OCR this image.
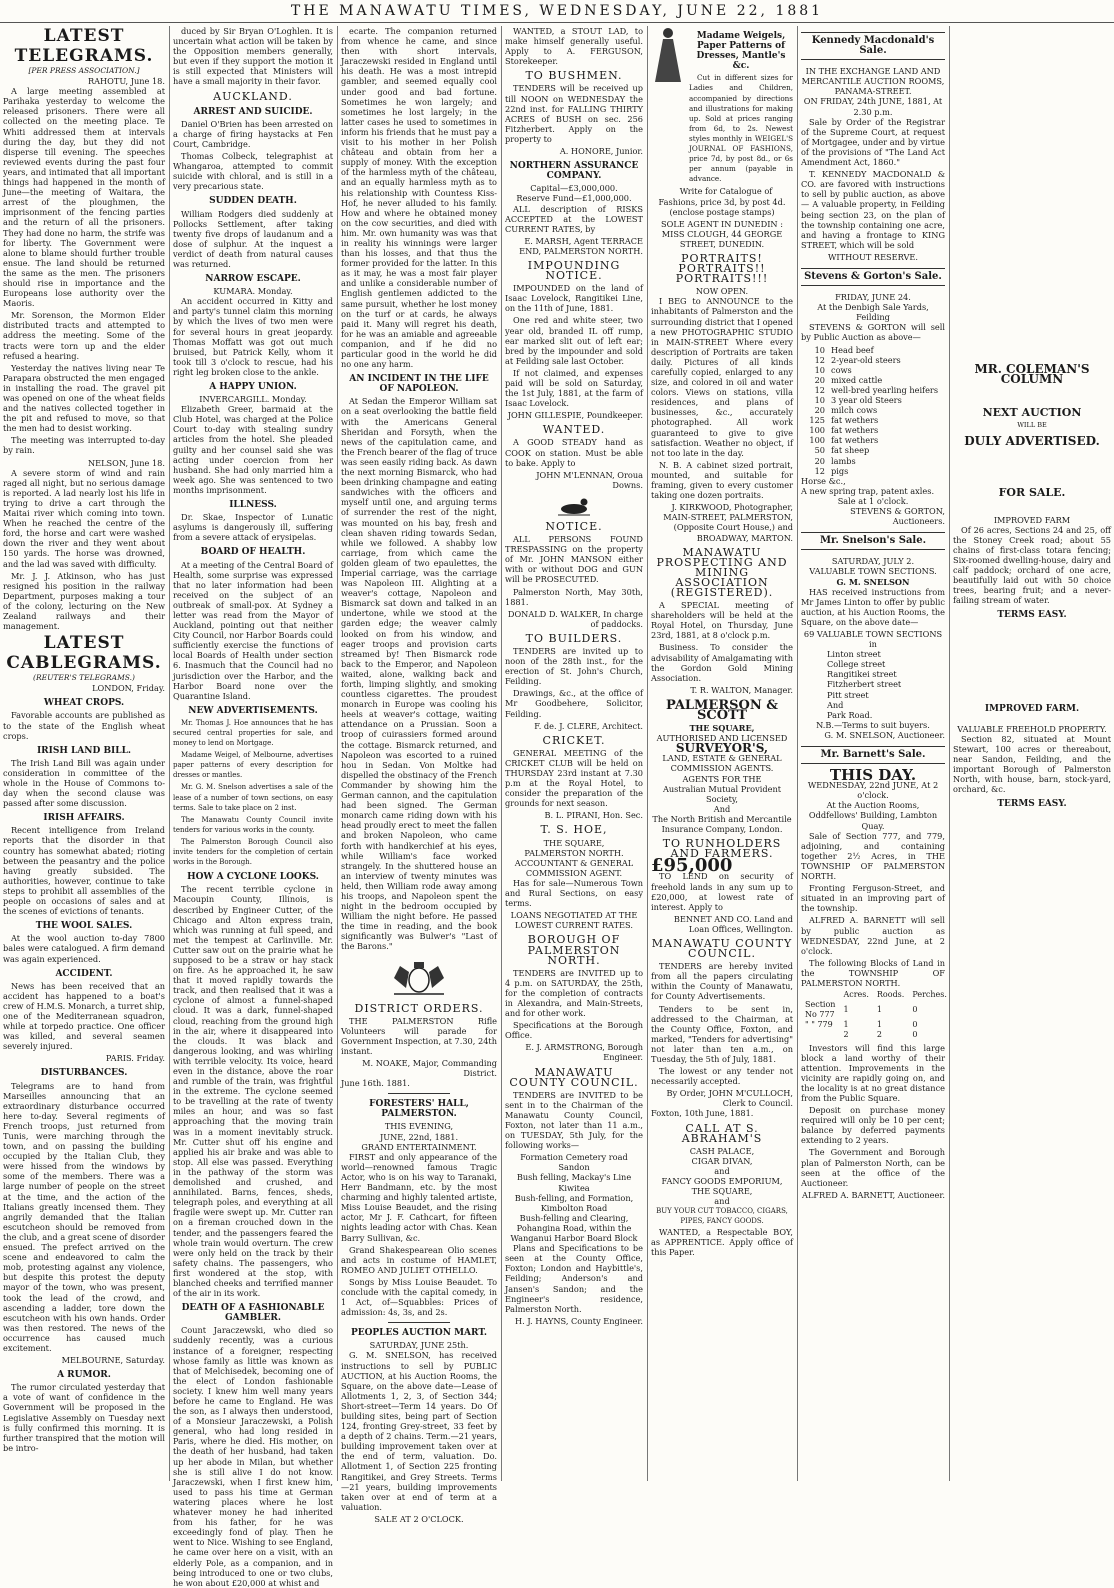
THE MANAWATU TIMES, WEDNESDAY, JUNE 22, 1881
LATEST TELEGRAMS.
[PER PRESS ASSOCIATION.]
RAHOTU, June 18.

A large meeting assembled at Parihaka yesterday to welcome the released prisoners. There were all collected on the meeting place. Te Whiti addressed them at intervals during the day, but they did not disperse till evening. The speeches reviewed events during the past four years, and intimated that all important things had happened in the month of June—the meeting of Waitara, the arrest of the ploughmen, the imprisonment of the fencing parties and the return of all the prisoners. They had done no harm, the strife was for liberty. The Government were alone to blame should further trouble ensue. The land should be returned the same as the men. The prisoners should rise in importance and the Europeans lose authority over the Maoris.

Mr. Sorenson, the Mormon Elder distributed tracts and attempted to address the meeting. Some of the tracts were torn up and the elder refused a hearing.

Yesterday the natives living near Te Parapara obstructed the men engaged in installing the road. The gravel pit was opened on one of the wheat fields and the natives collected together in the pit and refused to move, so that the men had to desist working.

The meeting was interrupted to-day by rain.

NELSON, June 18.

A severe storm of wind and rain raged all night, but no serious damage is reported. A lad nearly lost his life in trying to drive a cart through the Maitai river which coming into town. When he reached the centre of the ford, the horse and cart were washed down the river and they went about 150 yards. The horse was drowned, and the lad was saved with difficulty.

Mr. J. J. Atkinson, who has just resigned his position in the railway Department, purposes making a tour of the colony, lecturing on the New Zealand railways and their management.

LATEST CABLEGRAMS.
(REUTER'S TELEGRAMS.)
LONDON, Friday.
WHEAT CROPS.

Favorable accounts are published as to the state of the English wheat crops.

IRISH LAND BILL.

The Irish Land Bill was again under consideration in committee of the whole in the House of Commons to-day when the second clause was passed after some discussion.

IRISH AFFAIRS.

Recent intelligence from Ireland reports that the disorder in that country has somewhat abated; rioting between the peasantry and the police having greatly subsided. The authorities, however, continue to take steps to prohibit all assemblies of the people on occasions of sales and at the scenes of evictions of tenants.

THE WOOL SALES.

At the wool auction to-day 7800 bales were catalogued. A firm demand was again experienced.

ACCIDENT.

News has been received that an accident has happened to a boat's crew of H.M.S. Monarch, a turret ship, one of the Mediterranean squadron, while at torpedo practice. One officer was killed, and several seamen severely injured.

PARIS. Friday.
DISTURBANCES.

Telegrams are to hand from Marseilles announcing that an extraordinary disturbance occurred here to-day. Several regiments of French troops, just returned from Tunis, were marching through the town, and on passing the building occupied by the Italian Club, they were hissed from the windows by some of the members. There was a large number of people on the street at the time, and the action of the Italians greatly incensed them. They angrily demanded that the Italian escutcheon should be removed from the club, and a great scene of disorder ensued. The prefect arrived on the scene and endeavored to calm the mob, protesting against any violence, but despite this protest the deputy mayor of the town, who was present, took the lead of the crowd, and ascending a ladder, tore down the escutcheon with his own hands. Order was then restored. The news of the occurrence has caused much excitement.

MELBOURNE, Saturday.
A RUMOR.

The rumor circulated yesterday that a vote of want of confidence in the Government will be proposed in the Legislative Assembly on Tuesday next is fully confirmed this morning. It is further transpired that the motion will be intro-

duced by Sir Bryan O'Loghlen. It is uncertain what action will be taken by the Opposition members generally, but even if they support the motion it is still expected that Ministers will have a small majority in their favor.

AUCKLAND.
ARREST AND SUICIDE.

Daniel O'Brien has been arrested on a charge of firing haystacks at Fen Court, Cambridge.

Thomas Colbeck, telegraphist at Whangaroa, attempted to commit suicide with chloral, and is still in a very precarious state.

SUDDEN DEATH.

William Rodgers died suddenly at Pollocks Settlement, after taking twenty five drops of laudanum and a dose of sulphur. At the inquest a verdict of death from natural causes was returned.

NARROW ESCAPE.
KUMARA. Monday.

An accident occurred in Kitty and and party's tunnel claim this morning by which the lives of two men were for several hours in great jeopardy. Thomas Moffatt was got out much bruised, but Patrick Kelly, whom it took till 3 o'clock to rescue, had his right leg broken close to the ankle.

A HAPPY UNION.
INVERCARGILL. Monday.

Elizabeth Greer, barmaid at the Club Hotel, was charged at the Police Court to-day with stealing sundry articles from the hotel. She pleaded guilty and her counsel said she was acting under coercion from her husband. She had only married him a week ago. She was sentenced to two months imprisonment.

ILLNESS.

Dr. Skae, Inspector of Lunatic asylums is dangerously ill, suffering from a severe attack of erysipelas.

BOARD OF HEALTH.

At a meeting of the Central Board of Health, some surprise was expressed that no later information had been received on the subject of an outbreak of small-pox. At Sydney a letter was read from the Mayor of Auckland, pointing out that neither City Council, nor Harbor Boards could sufficiently exercise the functions of local Boards of Health under section 6. Inasmuch that the Council had no jurisdiction over the Harbor, and the Harbor Board none over the Quarantine Island.

NEW ADVERTISEMENTS.

Mr. Thomas J. Hoe announces that he has secured central properties for sale, and money to lend on Mortgage.

Madame Weigel, of Melbourne, advertises paper patterns of every description for dresses or mantles.

Mr. G. M. Snelson advertises a sale of the lease of a number of town sections, on easy terms. Sale to take place on 2 inst.

The Manawatu County Council invite tenders for various works in the county.

The Palmerston Borough Council also invite tenders for the completion of certain works in the Borough.

HOW A CYCLONE LOOKS.

The recent terrible cyclone in Macoupin County, Illinois, is described by Engineer Cutter, of the Chicago and Alton express train, which was running at full speed, and met the tempest at Carlinville. Mr. Cutter saw out on the prairie what he supposed to be a straw or hay stack on fire. As he approached it, he saw that it moved rapidly towards the track, and then realised that it was a cyclone of almost a funnel-shaped cloud. It was a dark, funnel-shaped cloud, reaching from the ground high in the air, where it disappeared into the clouds. It was black and dangerous looking, and was whirling with terrible velocity. Its voice, heard even in the distance, above the roar and rumble of the train, was frightful in the extreme. The cyclone seemed to be travelling at the rate of twenty miles an hour, and was so fast approaching that the moving train was in a moment inevitably struck. Mr. Cutter shut off his engine and applied his air brake and was able to stop. All else was passed. Everything in the pathway of the storm was demolished and crushed, and annihilated. Barns, fences, sheds, telegraph poles, and everything at all fragile were swept up. Mr. Cutter ran on a fireman crouched down in the tender, and the passengers feared the whole train would overturn. The crew were only held on the track by their safety chains. The passengers, who first wondered at the stop, with blanched cheeks and terrified manner of the air in its work.

DEATH OF A FASHIONABLE GAMBLER.

Count Jaraczewski, who died so suddenly recently, was a curious instance of a foreigner, respecting whose family as little was known as that of Melchisedek, becoming one of the elect of London fashionable society. I knew him well many years before he came to England. He was the son, as I always then understood, of a Monsieur Jaraczewski, a Polish general, who had long resided in Paris, where he died. His mother, on the death of her husband, had taken up her abode in Milan, but whether she is still alive I do not know. Jaraczewski, when I first knew him, used to pass his time at German watering places where he lost whatever money he had inherited from his father, for he was exceedingly fond of play. Then he went to Nice. Wishing to see England, he came over here on a visit, with an elderly Pole, as a companion, and in being introduced to one or two clubs, he won about £20,000 at whist and

ecarte. The companion returned from whence he came, and since then with short intervals, Jaraczewski resided in England until his death. He was a most intrepid gambler, and seemed equally cool under good and bad fortune. Sometimes he won largely; and sometimes he lost largely; in the latter cases he used to sometimes in inform his friends that he must pay a visit to his mother in her Polish château and obtain from her a supply of money. With the exception of the harmless myth of the château, and an equally harmless myth as to his relationship with Countess Kiss-Hof, he never alluded to his family. How and where he obtained money on the cow securities, and died with him. Mr. own humanity was was that in reality his winnings were larger than his losses, and that thus the former provided for the latter. In this as it may, he was a most fair player and unlike a considerable number of English gentlemen addicted to the same pursuit, whether he lost money on the turf or at cards, he always paid it. Many will regret his death, for he was an amiable and agreeable companion, and if he did no particular good in the world he did no one any harm.

AN INCIDENT IN THE LIFE OF NAPOLEON.

At Sedan the Emperor William sat on a seat overlooking the battle field with the Americans General Sheridan and Forsyth, when the news of the capitulation came, and the French bearer of the flag of truce was seen easily riding back. As dawn the next morning Bismarck, who had been drinking champagne and eating sandwiches with the officers and myself until one, and arguing terms of surrender the rest of the night, was mounted on his bay, fresh and clean shaven riding towards Sedan, while we followed. A shabby low carriage, from which came the golden gleam of two epaulettes, the Imperial carriage, was the carriage was Napoleon III. Alighting at a weaver's cottage, Napoleon and Bismarck sat down and talked in an undertone, while we stood at the garden edge; the weaver calmly looked on from his window, and eager troops and provision carts streamed by! Then Bismarck rode back to the Emperor, and Napoleon waited, alone, walking back and forth, limping slightly, and smoking countless cigarettes. The proudest monarch in Europe was cooling his heels at weaver's cottage, waiting attendance on a Prussian. Soon a troop of cuirassiers formed around the cottage. Bismarck returned, and Napoleon was escorted to a ruined hou in Sedan. Von Moltke had dispelled the obstinacy of the French Commander by showing him the German cannon, and the capitulation had been signed. The German monarch came riding down with his head proudly erect to meet the fallen and broken Napoleon, who came forth with handkerchief at his eyes, while William's face worked strangely. In the shuttered house an an interview of twenty minutes was held, then William rode away among his troops, and Napoleon spent the night in the bedroom occupied by William the night before. He passed the time in reading, and the book significantly was Bulwer's "Last of the Barons."

DISTRICT ORDERS.

THE PALMERSTON Rifle Volunteers will parade for Government Inspection, at 7.30, 24th instant.

M. NOAKE, Major, Commanding District.
June 16th. 1881.
FORESTERS' HALL, PALMERSTON.
THIS EVENING,
JUNE, 22nd, 1881.
GRAND ENTERTAINMENT.

FIRST and only appearance of the world—renowned famous Tragic Actor, who is on his way to Taranaki, Herr Bandmann, etc. by the most charming and highly talented artiste, Miss Louise Beaudet, and the rising actor, Mr J. F. Cathcart, for fifteen nights leading actor with Chas. Kean Barry Sullivan, &c.

Grand Shakespearean Olio scenes and acts in costume of HAMLET, ROMEO AND JULIET OTHELLO.

Songs by Miss Louise Beaudet. To conclude with the capital comedy, in 1 Act, of—Squabbles: Prices of admission: 4s, 3s, and 2s.

PEOPLES AUCTION MART.
SATURDAY, JUNE 25th.

G. M. SNELSON, has received instructions to sell by PUBLIC AUCTION, at his Auction Rooms, the Square, on the above date—Lease of Allotments 1, 2, 3, of Section 344; Short-street—Term 14 years. Do Of building sites, being part of Section 124, fronting Grey-street, 33 feet by a depth of 2 chains. Term.—21 years, building improvement taken over at the end of term, valuation. Do. Allotment 1, of Section 225 fronting Rangitikei, and Grey Streets. Terms—21 years, building improvements taken over at end of term at a valuation.

SALE AT 2 O'CLOCK.

WANTED, a STOUT LAD, to make himself generally useful. Apply to A. FERGUSON, Storekeeper.

TO BUSHMEN.

TENDERS will be received up till NOON on WEDNESDAY the 22nd inst. for FALLING THIRTY ACRES of BUSH on sec. 256 Fitzherbert. Apply on the property to

A. HONORE, Junior.
NORTHERN ASSURANCE COMPANY.
Capital—£3,000,000.
Reserve Fund—£1,000,000.

ALL description of RISKS ACCEPTED at the LOWEST CURRENT RATES, by

E. MARSH, Agent TERRACE END, PALMERSTON NORTH.
IMPOUNDING NOTICE.

IMPOUNDED on the land of Isaac Lovelock, Rangitikei Line, on the 11th of June, 1881.

One red and white steer, two year old, branded IL off rump, ear marked slit out of left ear; bred by the impounder and sold at Feilding sale last October.

If not claimed, and expenses paid will be sold on Saturday, the 1st July, 1881, at the farm of Isaac Lovelock.

JOHN GILLESPIE, Poundkeeper.
WANTED.

A GOOD STEADY hand as COOK on station. Must be able to bake. Apply to

JOHN M'LENNAN, Oroua Downs.
NOTICE.

ALL PERSONS FOUND TRESPASSING on the property of Mr. JOHN MANSON either with or without DOG and GUN will be PROSECUTED.

Palmerston North, May 30th, 1881.

DONALD D. WALKER, In charge of paddocks.
TO BUILDERS.

TENDERS are invited up to noon of the 28th inst., for the erection of St. John's Church, Feilding.

Drawings, &c., at the office of Mr Goodbehere, Solicitor, Feilding.

F. de. J. CLERE, Architect.
CRICKET.

GENERAL MEETING of the CRICKET CLUB will be held on THURSDAY 23rd instant at 7.30 p.m at the Royal Hotel, to consider the preparation of the grounds for next season.

B. L. PIRANI, Hon. Sec.
T. S. HOE,
THE SQUARE,
PALMERSTON NORTH.
ACCOUNTANT & GENERAL COMMISSION AGENT.

Has for sale—Numerous Town and Rural Sections, on easy terms.

LOANS NEGOTIATED AT THE LOWEST CURRENT RATES.
BOROUGH OF PALMERSTON NORTH.

TENDERS are INVITED up to 4 p.m. on SATURDAY, the 25th, for the completion of contracts in Alexandra, and Main-Streets, and for other work.

Specifications at the Borough Office.

E. J. ARMSTRONG, Borough Engineer.
MANAWATU COUNTY COUNCIL.

TENDERS are INVITED to be sent in to the Chairman of the Manawatu County Council, Foxton, not later than 11 a.m., on TUESDAY, 5th July, for the following works—

Formation Cemetery road Sandon
Bush felling, Mackay's Line Kiwitea
Bush-felling, and Formation, Kimbolton Road
Bush-felling and Clearing, Pohangina Road, within the Wanganui Harbor Board Block

Plans and Specifications to be seen at the County Office, Foxton; London and Haybittle's, Feilding; Anderson's and Jansen's Sandon; and the Engineer's residence, Palmerston North.

H. J. HAYNS, County Engineer.
Madame Weigels, Paper Patterns of Dresses, Mantle's &c.

Cut in different sizes for Ladies and Children, accompanied by directions and illustrations for making up. Sold at prices ranging from 6d, to 2s. Newest styles monthly in WEIGEL'S JOURNAL OF FASHIONS, price 7d, by post 8d., or 6s per annum (payable in advance.

Write for Catalogue of Fashions, price 3d, by post 4d. (enclose postage stamps)

SOLE AGENT IN DUNEDIN :
MISS CLOUGH, 44 GEORGE STREET, DUNEDIN.
PORTRAITS! PORTRAITS!! PORTRAITS!!!
NOW OPEN.

I BEG to ANNOUNCE to the inhabitants of Palmerston and the surrounding district that I opened a new PHOTOGRAPHIC STUDIO in MAIN-STREET Where every description of Portraits are taken daily. Pictures of all kinds carefully copied, enlarged to any size, and colored in oil and water colors. Views on stations, villa residences, and plans of businesses, &c., accurately photographed. All work guaranteed to give to give satisfaction. Weather no object, if not too late in the day.

N. B. A cabinet sized portrait, mounted, and suitable for framing, given to every customer taking one dozen portraits.

J. KIRKWOOD, Photographer, MAIN-STREET, PALMERSTON, (Opposite Court House,) and BROADWAY, MARTON.
MANAWATU PROSPECTING AND MINING ASSOCIATION (REGISTERED).

A SPECIAL meeting of shareholders will be held at the Royal Hotel, on Thursday, June 23rd, 1881, at 8 o'clock p.m.

Business. To consider the advisability of Amalgamating with the Gordon Gold Mining Association.

T. R. WALTON, Manager.
PALMERSON & SCOTT
THE SQUARE,
AUTHORISED AND LICENSED
SURVEYOR'S,
LAND, ESTATE & GENERAL
COMMISSION AGENTS.
AGENTS FOR THE
Australian Mutual Provident Society,
And
The North British and Mercantile Insurance Company, London.
TO RUNHOLDERS AND FARMERS.
£95,000

TO LEND on security of freehold lands in any sum up to £20,000, at lowest rate of interest. Apply to

BENNET AND CO. Land and Loan Offices, Wellington.
MANAWATU COUNTY COUNCIL.

TENDERS are hereby invited from all the papers circulating within the County of Manawatu, for County Advertisements.

Tenders to be sent in, addressed to the Chairman, at the County Office, Foxton, and marked, "Tenders for advertising" not later than ten a.m., on Tuesday, the 5th of July, 1881.

The lowest or any tender not necessarily accepted.

By Order, JOHN M'CULLOCH, Clerk to Council.
Foxton, 10th June, 1881.
CALL AT S. ABRAHAM'S
CASH PALACE,
CIGAR DIVAN,
and
FANCY GOODS EMPORIUM,
THE SQUARE,
and
BUY YOUR CUT TOBACCO, CIGARS, PIPES, FANCY GOODS.

WANTED, a Respectable BOY, as APPRENTICE. Apply office of this Paper.

Kennedy Macdonald's Sale.
IN THE EXCHANGE LAND AND MERCANTILE AUCTION ROOMS,
PANAMA-STREET.
ON FRIDAY, 24th JUNE, 1881, At 2.30 p.m.

Sale by Order of the Registrar of the Supreme Court, at request of Mortgagee, under and by virtue of the provisions of "The Land Act Amendment Act, 1860."

T. KENNEDY MACDONALD & CO. are favored with instructions to sell by public auction, as above— A valuable property, in Feilding being section 23, on the plan of the township containing one acre, and having a frontage to KING STREET, which will be sold

WITHOUT RESERVE.
Stevens & Gorton's Sale.
FRIDAY, JUNE 24.
At the Denbigh Sale Yards, Feilding

STEVENS & GORTON will sell by Public Auction as above—

10 Head beef
12 2-year-old steers
10 cows
20 mixed cattle
12 well-bred yearling heifers
10 3 year old Steers
20 milch cows
125 fat wethers
100 fat wethers
100 fat wethers
50 fat sheep
20 lambs
12 pigs
Horse &c.,
A new spring trap, patent axles.
Sale at 1 o'clock.
STEVENS & GORTON, Auctioneers.
Mr. Snelson's Sale.
SATURDAY, JULY 2.
VALUABLE TOWN SECTIONS.
G. M. SNELSON

HAS received instructions from Mr James Linton to offer by public auction, at his Auction Rooms, the Square, on the above date—

69 VALUABLE TOWN SECTIONS in
Linton street
College street
Rangitikei street
Fitzherbert street
Pitt street
And
Park Road.
N.B.—Terms to suit buyers.
G. M. SNELSON, Auctioneer.
Mr. Barnett's Sale.
THIS DAY.
WEDNESDAY, 22nd JUNE, At 2 o'clock.
At the Auction Rooms, Oddfellows' Building, Lambton Quay.

Sale of Section 777, and 779, adjoining, and containing together 2½ Acres, in THE TOWNSHIP OF PALMERSTON NORTH.

Fronting Ferguson-Street, and situated in an improving part of the township.

ALFRED A. BARNETT will sell by public auction as WEDNESDAY, 22nd June, at 2 o'clock.

The following Blocks of Land in the TOWNSHIP OF PALMERSTON NORTH.

	Acres.	Roods.	Perches.
Section No 777	1	1	0
" " 779	1	1	0
	2	2	0

Investors will find this large block a land worthy of their attention. Improvements in the vicinity are rapidly going on, and the locality is at no great distance from the Public Square.

Deposit on purchase money required will only be 10 per cent; balance by deferred payments extending to 2 years.

The Government and Borough plan of Palmerston North, can be seen at the office of the Auctioneer.

ALFRED A. BARNETT, Auctioneer.
MR. COLEMAN'S COLUMN
NEXT AUCTION
WILL BE
DULY ADVERTISED.
FOR SALE.
IMPROVED FARM

Of 26 acres, Sections 24 and 25, off the Stoney Creek road; about 55 chains of first-class totara fencing; Six-roomed dwelling-house, dairy and calf paddock; orchard of one acre, beautifully laid out with 50 choice trees, bearing fruit; and a never-failing stream of water.

TERMS EASY.
IMPROVED FARM.
VALUABLE FREEHOLD PROPERTY.

Section 82, situated at Mount Stewart, 100 acres or thereabout, near Sandon, Feilding, and the important Borough of Palmerston North, with house, barn, stock-yard, orchard, &c.

TERMS EASY.
